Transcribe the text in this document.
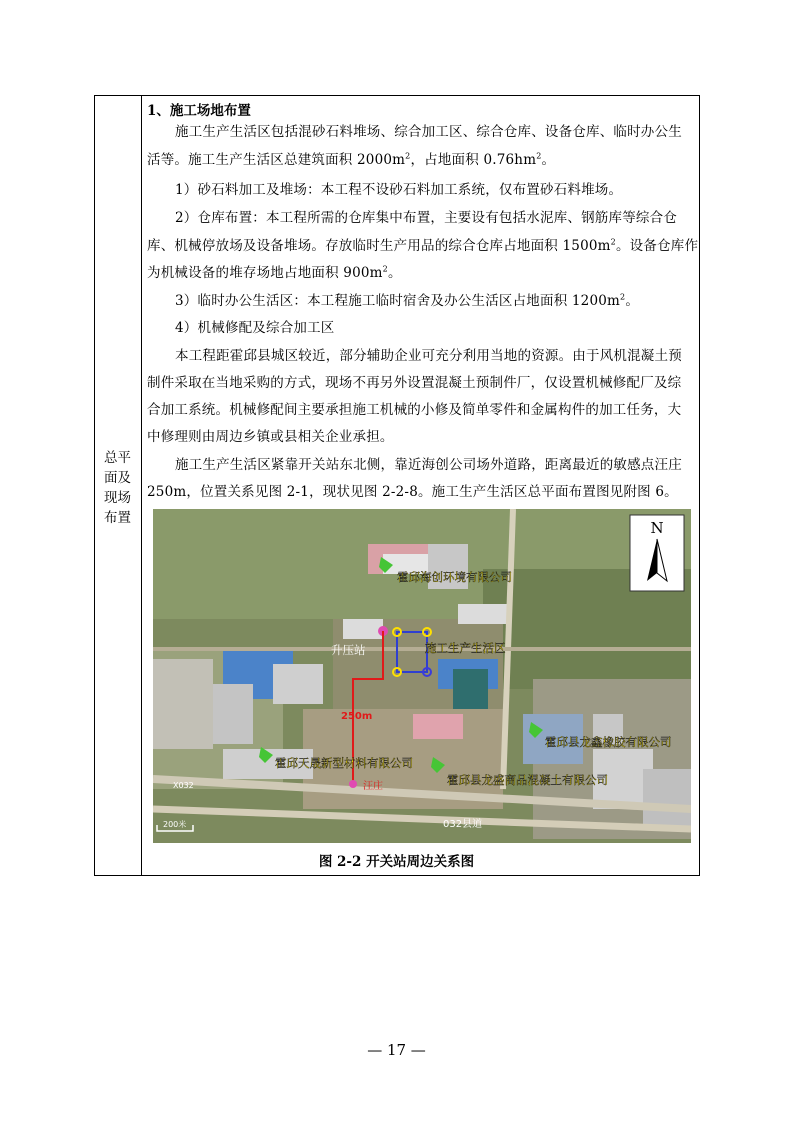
总平
面及
现场
布置
1、施工场地布置
施工生产生活区包括混砂石料堆场、综合加工区、综合仓库、设备仓库、临时办公生
活等。施工生产生活区总建筑面积 $2000m^2$，占地面积 $0.76hm^2$。
1）砂石料加工及堆场：本工程不设砂石料加工系统，仅布置砂石料堆场。
2）仓库布置：本工程所需的仓库集中布置，主要设有包括水泥库、钢筋库等综合仓
库、机械停放场及设备堆场。存放临时生产用品的综合仓库占地面积 $1500m^2$。设备仓库作
为机械设备的堆存场地占地面积 $900m^2$。
3）临时办公生活区：本工程施工临时宿舍及办公生活区占地面积 $1200m^2$。
4）机械修配及综合加工区
本工程距霍邱县城区较近，部分辅助企业可充分利用当地的资源。由于风机混凝土预
制件采取在当地采购的方式，现场不再另外设置混凝土预制件厂，仅设置机械修配厂及综
合加工系统。机械修配间主要承担施工机械的小修及简单零件和金属构件的加工任务，大
中修理则由周边乡镇或县相关企业承担。
施工生产生活区紧靠开关站东北侧，靠近海创公司场外道路，距离最近的敏感点汪庄
250m，位置关系见图 2-1，现状见图 2-2-8。施工生产生活区总平面布置图见附图 6。
N
霍邱海创环境有限公司
施工生产生活区
霍邱天晟新型材料有限公司
霍邱县龙鑫橡胶有限公司
霍邱县龙盛商品混凝土有限公司
升压站
250m
汪庄
X032
032县道
200米
图 2-2 开关站周边关系图
— 17 —
